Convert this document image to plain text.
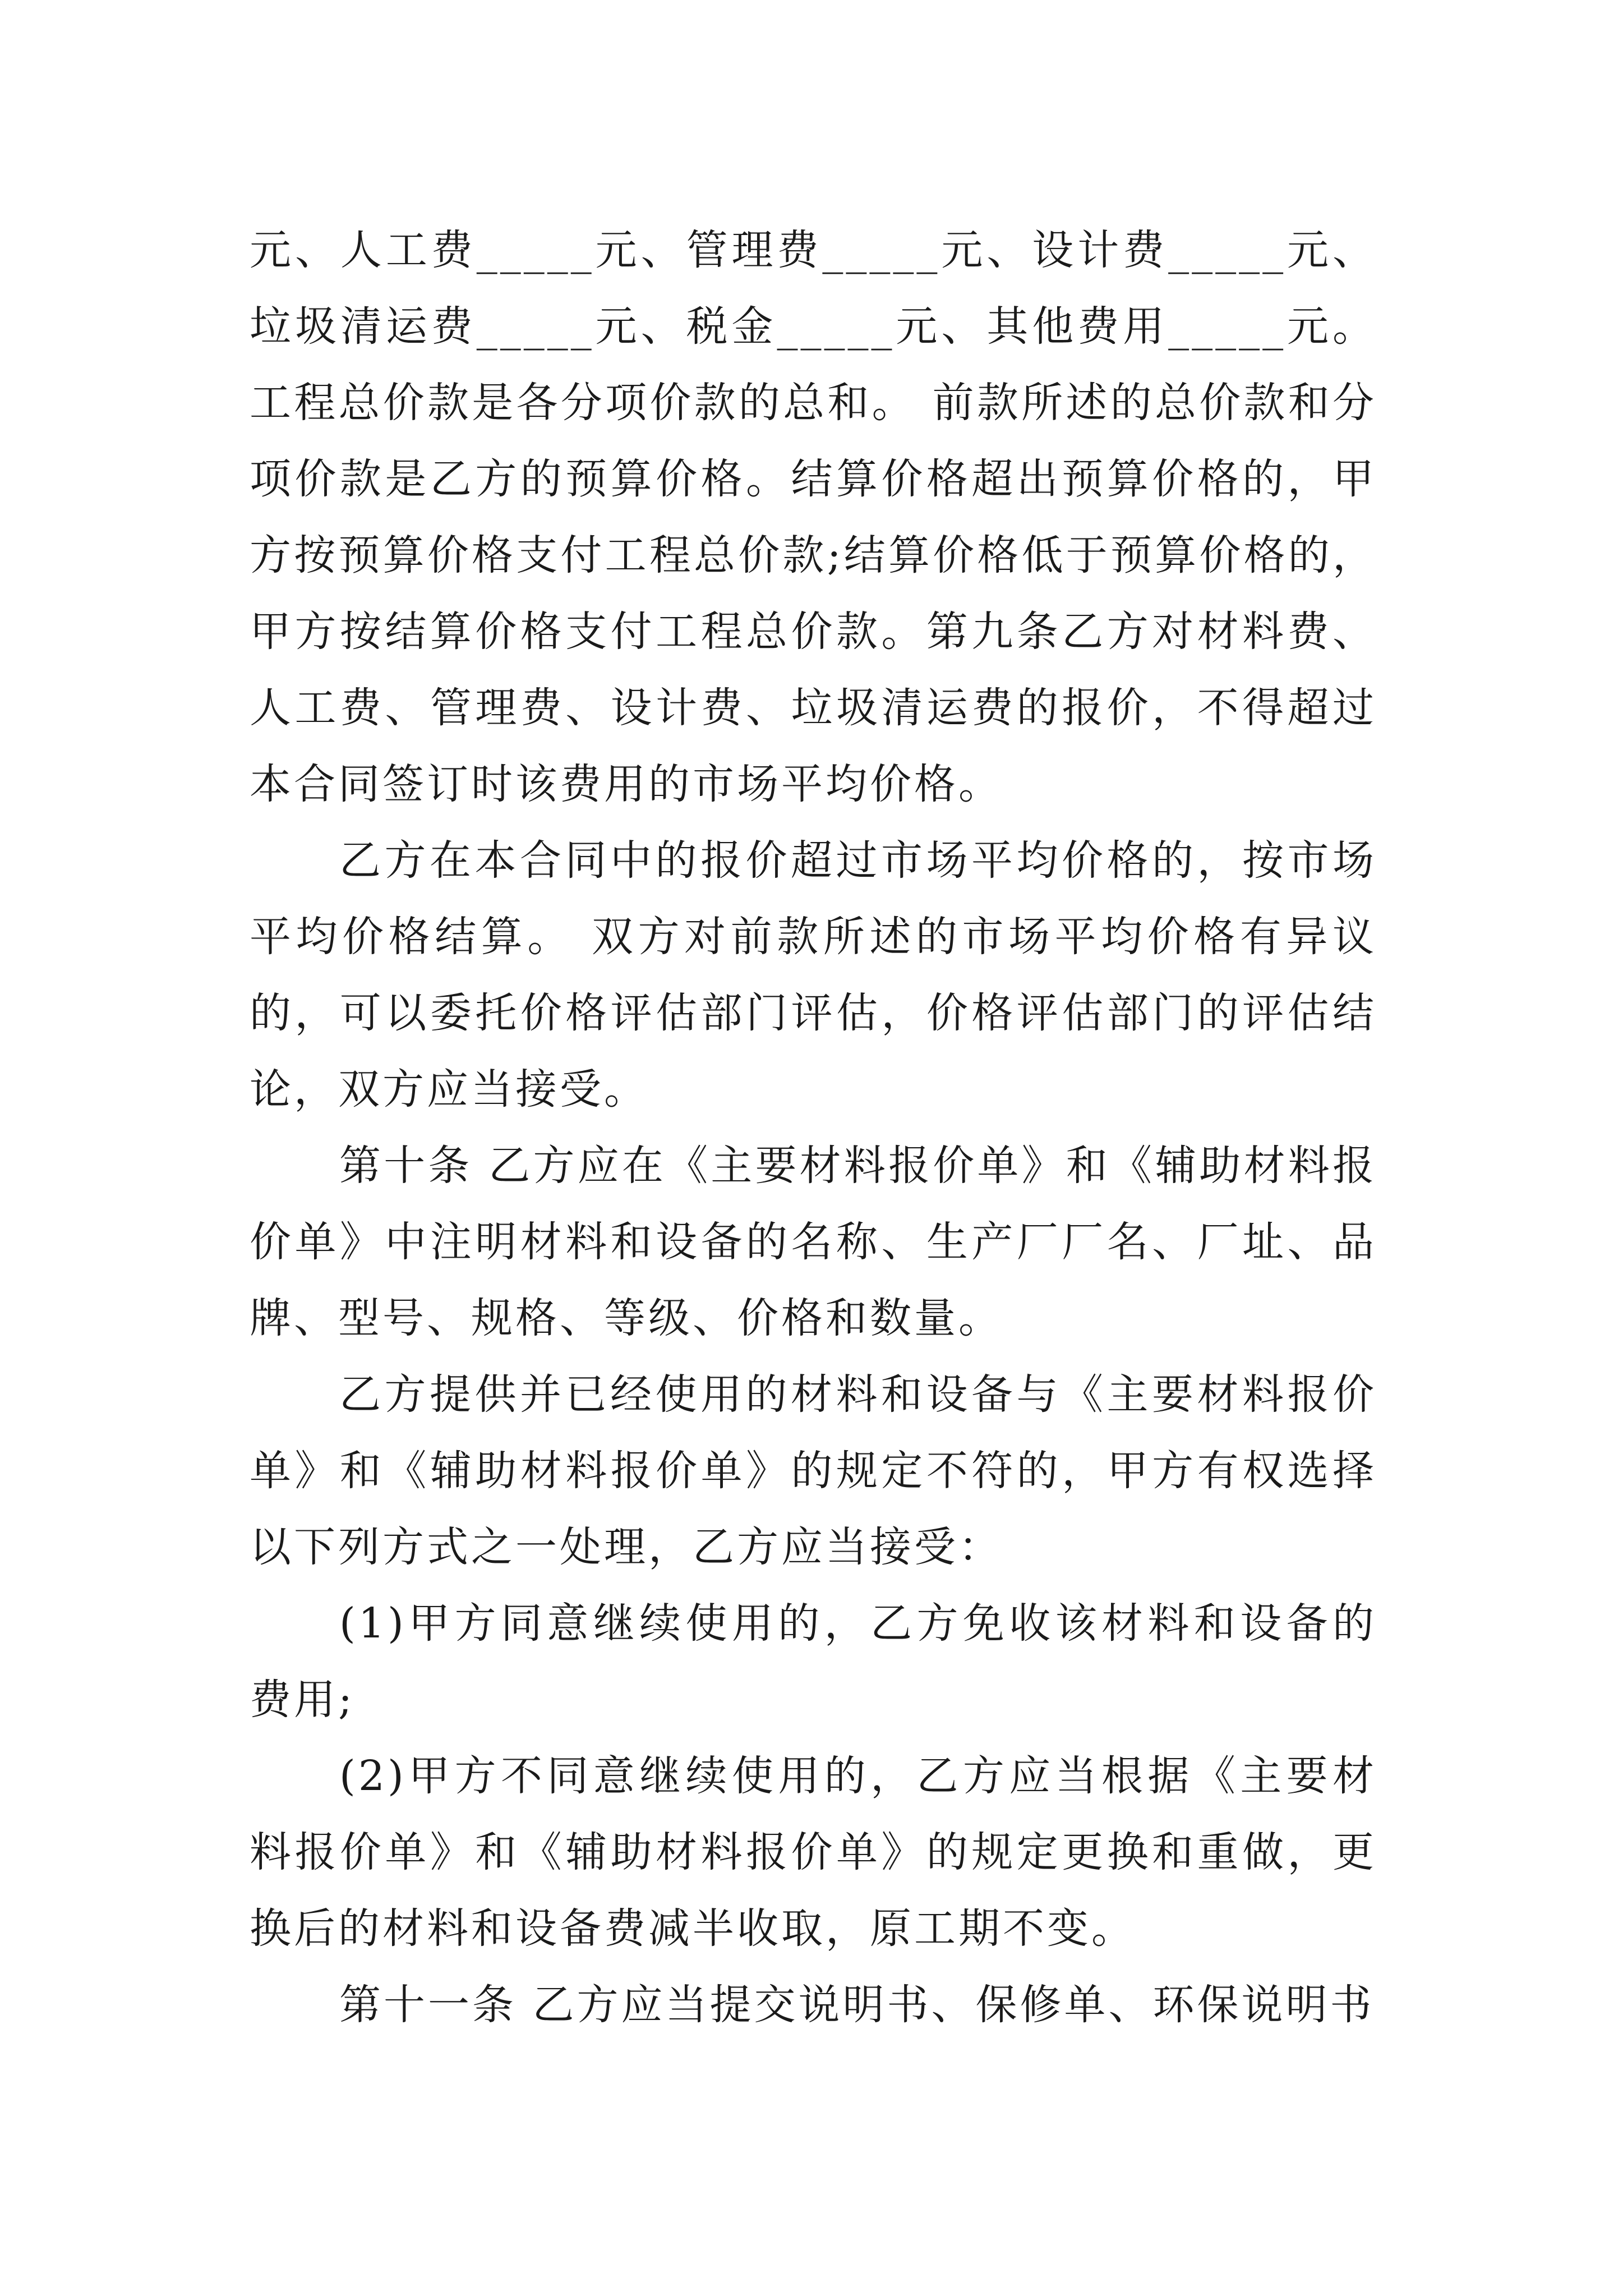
元、人工费_____元、管理费_____元、设计费_____元、垃圾清运费_____元、税金_____元、其他费用_____元。工程总价款是各分项价款的总和。 前款所述的总价款和分项价款是乙方的预算价格。结算价格超出预算价格的，甲方按预算价格支付工程总价款;结算价格低于预算价格的，甲方按结算价格支付工程总价款。第九条乙方对材料费、人工费、管理费、设计费、垃圾清运费的报价，不得超过本合同签订时该费用的市场平均价格。

乙方在本合同中的报价超过市场平均价格的，按市场平均价格结算。 双方对前款所述的市场平均价格有异议的，可以委托价格评估部门评估，价格评估部门的评估结论，双方应当接受。

第十条 乙方应在《主要材料报价单》和《辅助材料报价单》中注明材料和设备的名称、生产厂厂名、厂址、品牌、型号、规格、等级、价格和数量。

乙方提供并已经使用的材料和设备与《主要材料报价单》和《辅助材料报价单》的规定不符的，甲方有权选择以下列方式之一处理，乙方应当接受：

(1)甲方同意继续使用的，乙方免收该材料和设备的费用;

(2)甲方不同意继续使用的，乙方应当根据《主要材料报价单》和《辅助材料报价单》的规定更换和重做，更换后的材料和设备费减半收取，原工期不变。

第十一条 乙方应当提交说明书、保修单、环保说明书
